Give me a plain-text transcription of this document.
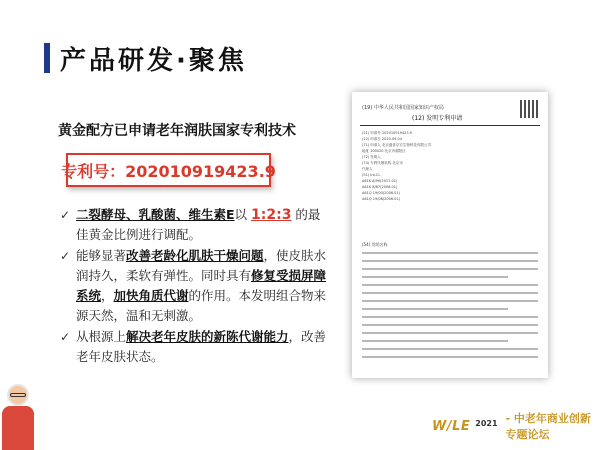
产品研发·聚焦
黄金配方已申请老年润肤国家专利技术
专利号：202010919423.9
✓ 二裂酵母、乳酸菌、维生素E以 1:2:3 的最佳黄金比例进行调配。
✓ 能够显著改善老龄化肌肤干燥问题，使皮肤水润持久，柔软有弹性。同时具有修复受损屏障系统，加快角质代谢的作用。本发明组合物来源天然，温和无刺激。
✓ 从根源上解决老年皮肤的新陈代谢能力，改善老年皮肤状态。
(19) 中华人民共和国国家知识产权局
(12) 发明专利申请
(21) 申请号 202010919423.9
(22) 申请日 2020.09.04
(71) 申请人 北京盛世京宏生物科技有限公司
地址 100020 北京市朝阳区
(72) 发明人
(74) 专利代理机构 北京市
代理人
(51) Int.Cl.
A61K 8/99(2017.01)
A61K 8/67(2006.01)
A61Q 19/00(2006.01)
A61Q 19/08(2006.01)
(54) 发明名称
W/LE 2021 - 中老年商业创新专题论坛
